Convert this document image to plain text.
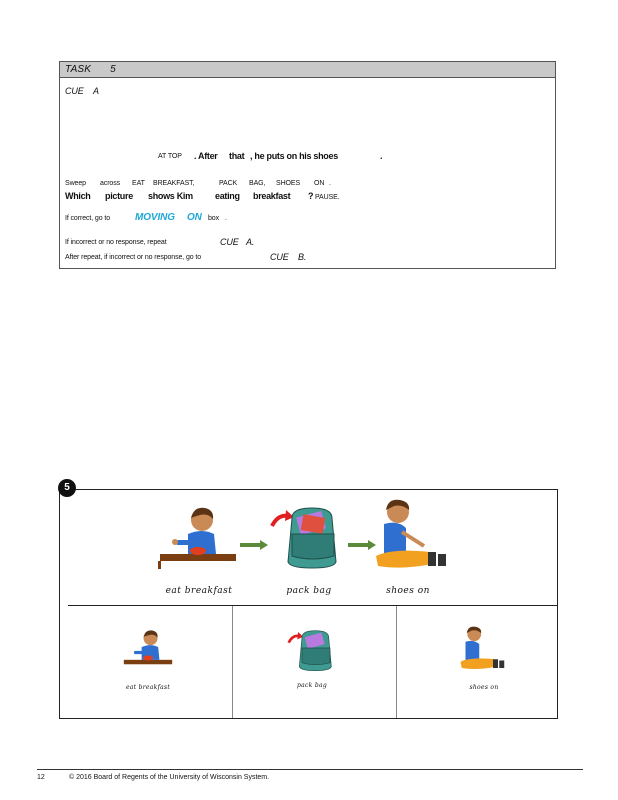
TASK 5
CUE A
AT TOP . After that , he puts on his shoes	.
Sweep across EAT BREAKFAST,	PACK BAG, SHOES ON .
Which picture shows Kim eating breakfast ? PAUSE.
If correct, go to	MOVING ON box .
If incorrect or no response, repeat	CUE A.
After repeat, if incorrect or no response, go to	CUE B.
5
eat breakfast	pack bag	shoes on
eat breakfast	pack bag	shoes on
12	© 2016 Board of Regents of the University of Wisconsin System.
